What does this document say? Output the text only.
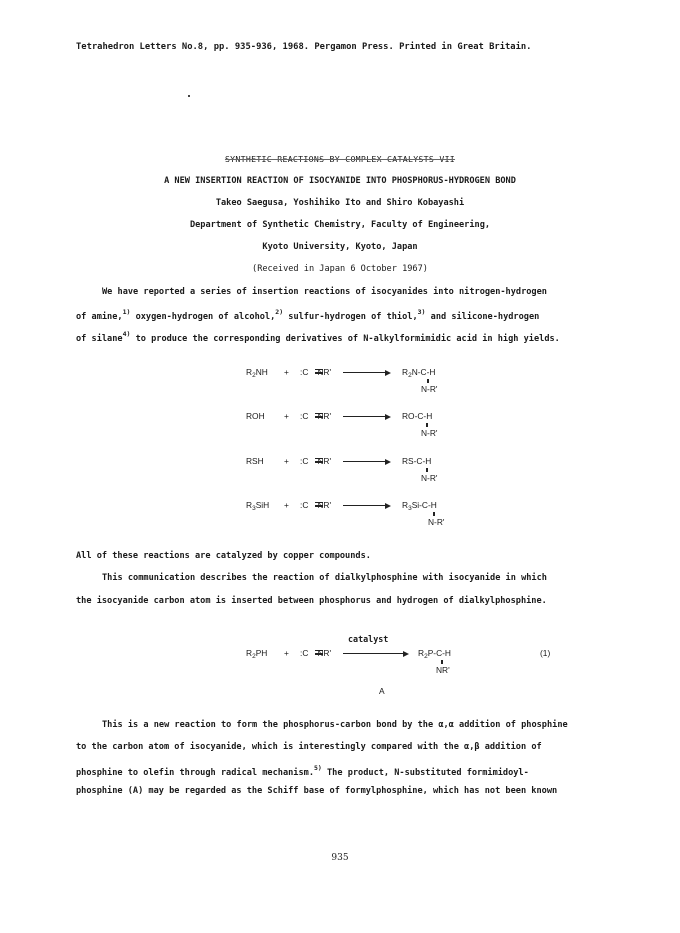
Tetrahedron Letters No.8, pp. 935-936, 1968. Pergamon Press. Printed in Great Britain.
SYNTHETIC REACTIONS BY COMPLEX CATALYSTS VII
A NEW INSERTION REACTION OF ISOCYANIDE INTO PHOSPHORUS-HYDROGEN BOND
Takeo Saegusa, Yoshihiko Ito and Shiro Kobayashi
Department of Synthetic Chemistry, Faculty of Engineering,
Kyoto University, Kyoto, Japan
(Received in Japan 6 October 1967)
We have reported a series of insertion reactions of isocyanides into nitrogen-hydrogen
of amine,$^{1)}$ oxygen-hydrogen of alcohol,$^{2)}$ sulfur-hydrogen of thiol,$^{3)}$ and silicone-hydrogen
of silane$^{4)}$ to produce the corresponding derivatives of N-alkylformimidic acid in high yields.
$R_2NH$ + :C NR'	$R_2N-C-H$
N-R'
ROH + :C NR'	RO-C-H
N-R'
RSH + :C NR'	RS-C-H
N-R'
$R_3SiH$ + :C NR'	$R_3Si-C-H$
N-R'
All of these reactions are catalyzed by copper compounds.
This communication describes the reaction of dialkylphosphine with isocyanide in which
the isocyanide carbon atom is inserted between phosphorus and hydrogen of dialkylphosphine.
$R_2PH$ + :C NR'
catalyst
$R_2P-C-H$
NR'
(1)
A
This is a new reaction to form the phosphorus-carbon bond by the α,α addition of phosphine
to the carbon atom of isocyanide, which is interestingly compared with the α,β addition of
phosphine to olefin through radical mechanism.$^{5)}$ The product, N-substituted formimidoyl-
phosphine (A) may be regarded as the Schiff base of formylphosphine, which has not been known
935
